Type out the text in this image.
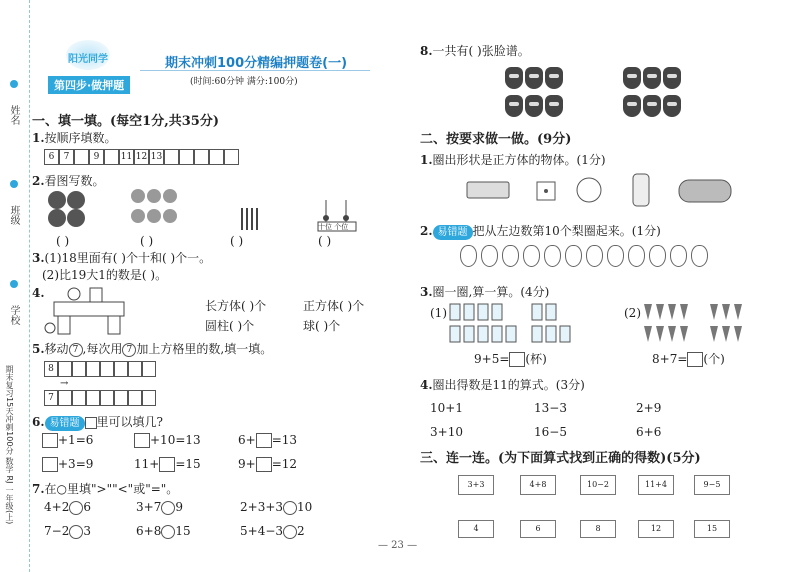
姓名
班级
学校
期末复习15天冲刺100分 数学 RJ 一年级(上)
阳光同学
第四步·做押题
期末冲刺100分精编押题卷(一)
(时间:60分钟 满分:100分)
一、填一填。(每空1分,共35分)
1.按顺序填数。
6	7	9	11 12 13
2.看图写数。
十位 个位
( )	( )	( )	( )
3.(1)18里面有( )个十和( )个一。
(2)比19大1的数是( )。
4.
长方体( )个	正方体( )个
圆柱( )个	球( )个
5.移动 7 ,每次用 7 加上方格里的数,填一填。
8
→
7
6. 易错题 里可以填几?
+1=6	+10=13	6+ =13
+3=9	11+ =15	9+ =12
7.在○里填">""<"或"="。
4+2 6	3+7 9	2+3+3 10
7−2 3	6+8 15	5+4−3 2
8.一共有( )张脸谱。
二、按要求做一做。(9分)
1.圈出形状是正方体的物体。(1分)
2. 易错题 把从左边数第10个梨圈起来。(1分)
3.圈一圈,算一算。(4分)
(1)
9+5= (杯)
(2)
8+7= (个)
4.圈出得数是11的算式。(3分)
10+1	13−3	2+9
3+10	16−5	6+6
三、连一连。(为下面算式找到正确的得数)(5分)
3+3	4+8	10−2	11+4	9−5
4	6	8	12	15
— 23 —
